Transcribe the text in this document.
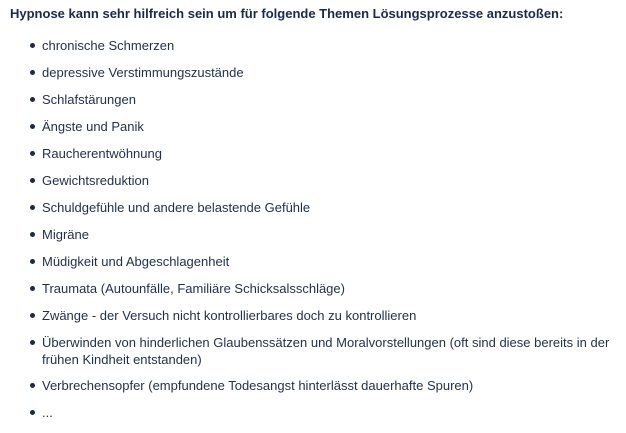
Hypnose kann sehr hilfreich sein um für folgende Themen Lösungsprozesse anzustoßen:

chronische Schmerzen
depressive Verstimmungszustände
Schlafstärungen
Ängste und Panik
Raucherentwöhnung
Gewichtsreduktion
Schuldgefühle und andere belastende Gefühle
Migräne
Müdigkeit und Abgeschlagenheit
Traumata (Autounfälle, Familiäre Schicksalsschläge)
Zwänge - der Versuch nicht kontrollierbares doch zu kontrollieren
Überwinden von hinderlichen Glaubenssätzen und Moralvorstellungen (oft sind diese bereits in der frühen Kindheit entstanden)
Verbrechensopfer (empfundene Todesangst hinterlässt dauerhafte Spuren)
...
